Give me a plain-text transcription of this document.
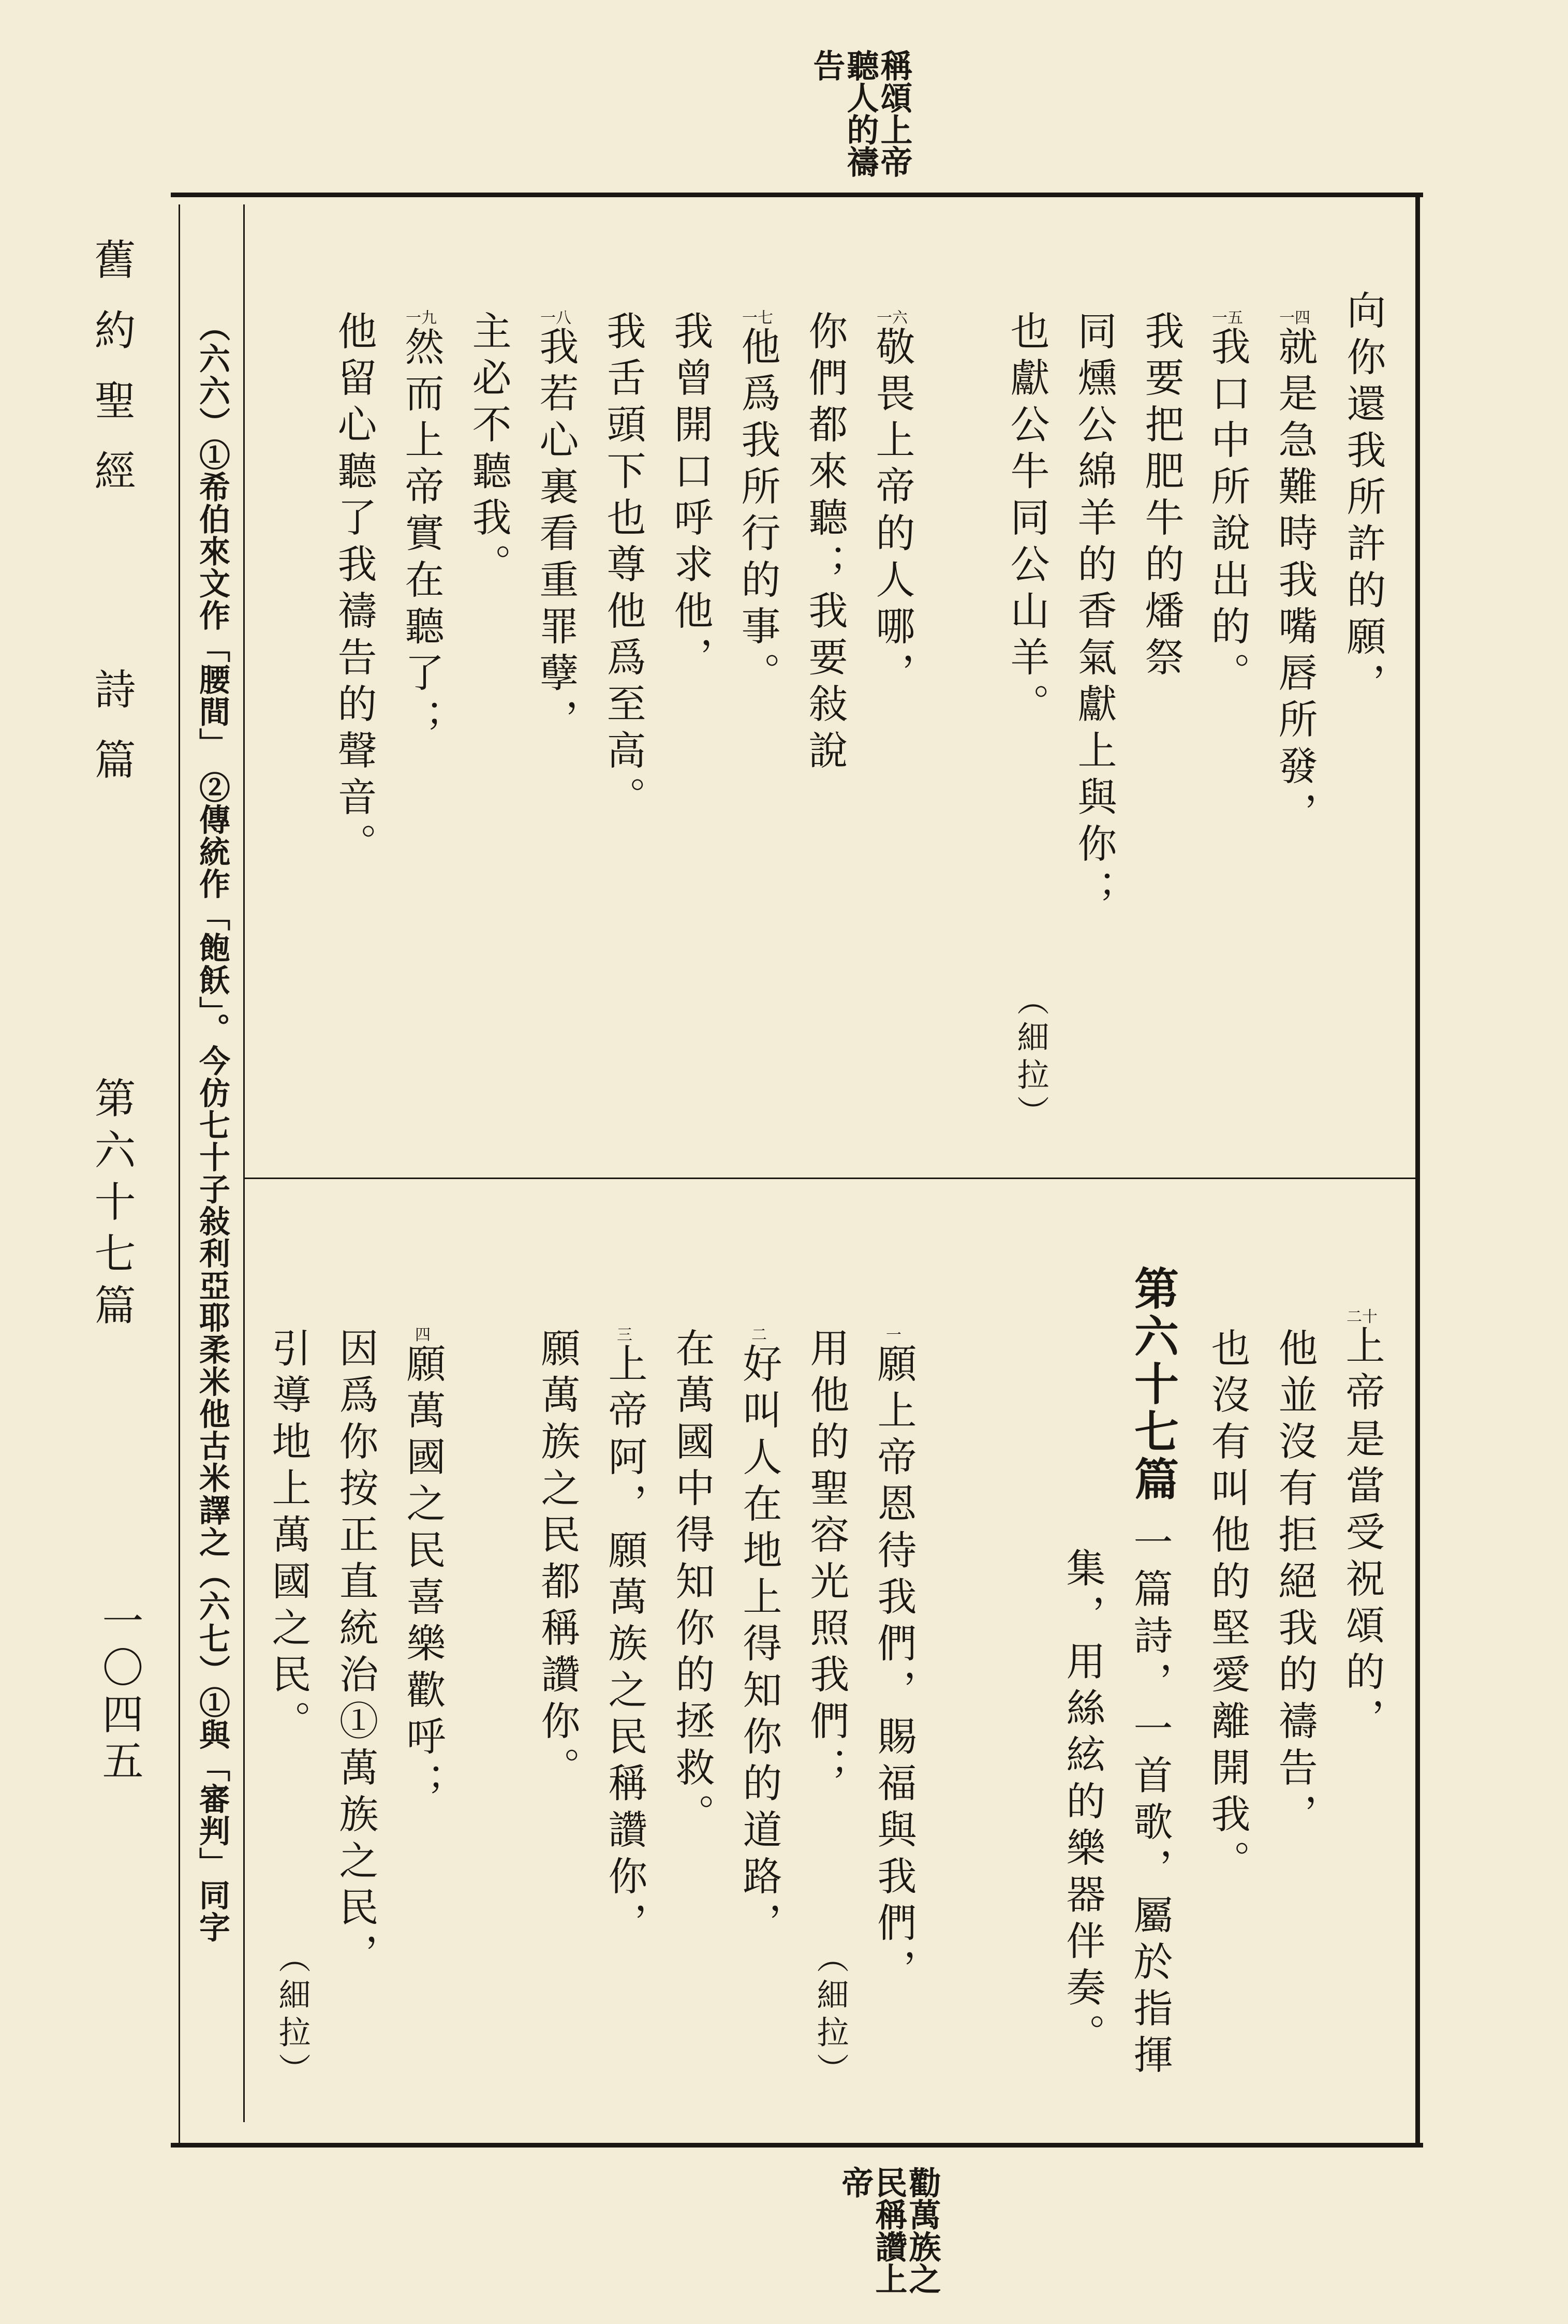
稱頌上帝
聽人的禱
告
勸萬族之
民稱讚上
帝
舊約聖經
詩篇
第六十七篇
一〇四五 （六六）①希伯來文作「腰間」 ②傳統作「飽飫」。今仿七十子敍利亞耶柔米他古米譯之（六七）①與「審判」同字	向你還我所許的願，
一四就是急難時我嘴唇所發，
一五我口中所說出的。
我要把肥牛的燔祭
同燻公綿羊的香氣獻上與你；
也獻公牛同公山羊。
一六敬畏上帝的人哪，
你們都來聽；我要敍說
一七他爲我所行的事。
我曾開口呼求他，
我舌頭下也尊他爲至高。
一八我若心裏看重罪孽，
主必不聽我。
一九然而上帝實在聽了；
他留心聽了我禱告的聲音。
（細拉）
二十上帝是當受祝頌的，
他並沒有拒絕我的禱告，
也沒有叫他的堅愛離開我。
第六十七篇
一篇詩，一首歌，屬於指揮
集，用絲絃的樂器伴奏。
一願上帝恩待我們，賜福與我們，
用他的聖容光照我們；
二好叫人在地上得知你的道路，
在萬國中得知你的拯救。
三上帝阿，願萬族之民稱讚你，
願萬族之民都稱讚你。
四願萬國之民喜樂歡呼；
因爲你按正直統治①萬族之民，
引導地上萬國之民。
（細拉）
（細拉）
